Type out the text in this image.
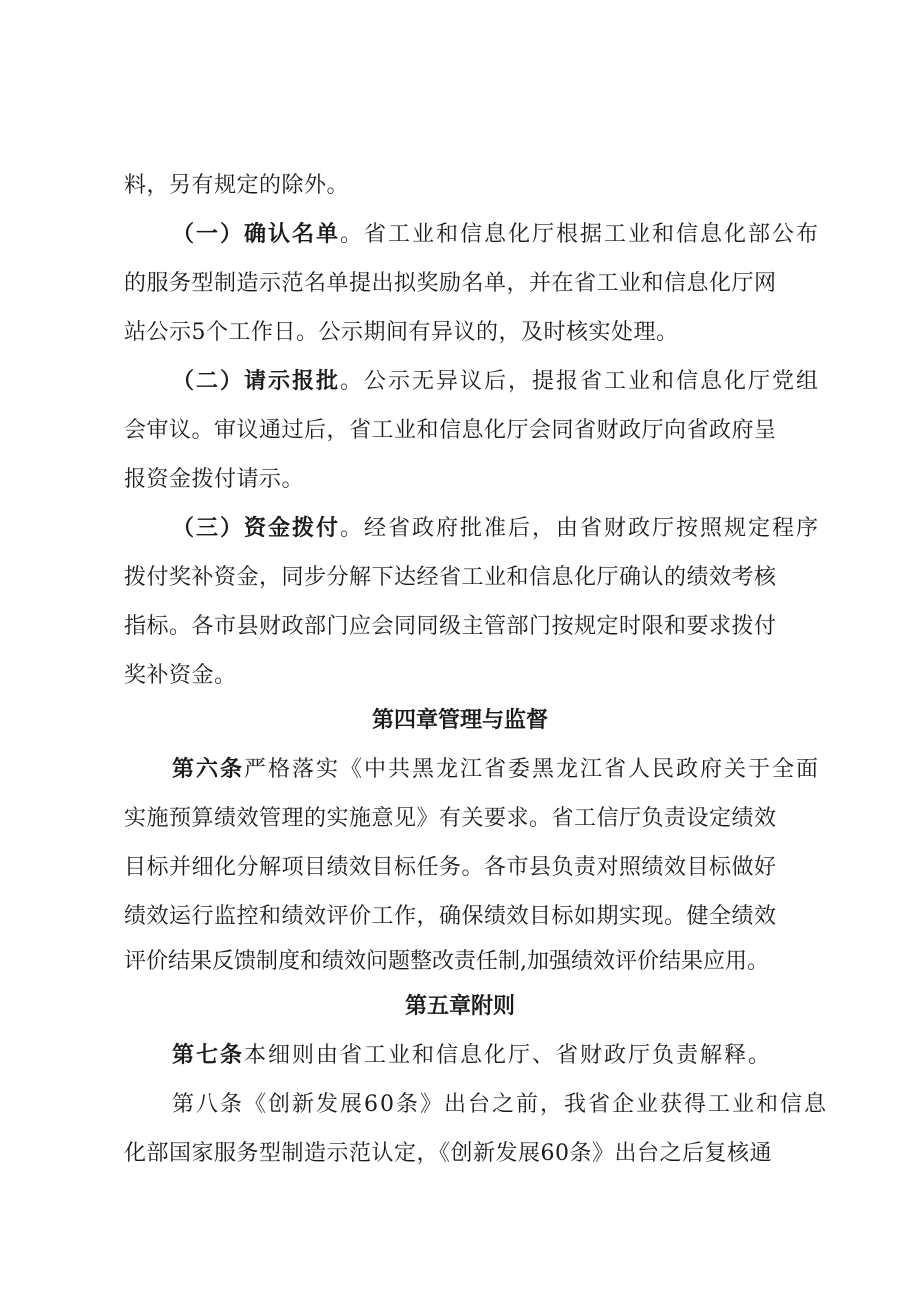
料，另有规定的除外。
（一）确认名单。省工业和信息化厅根据工业和信息化部公布
的服务型制造示范名单提出拟奖励名单，并在省工业和信息化厅网
站公示5个工作日。公示期间有异议的，及时核实处理。
（二）请示报批。公示无异议后，提报省工业和信息化厅党组
会审议。审议通过后，省工业和信息化厅会同省财政厅向省政府呈
报资金拨付请示。
（三）资金拨付。经省政府批准后，由省财政厅按照规定程序
拨付奖补资金，同步分解下达经省工业和信息化厅确认的绩效考核
指标。各市县财政部门应会同同级主管部门按规定时限和要求拨付
奖补资金。
第四章管理与监督
第六条严格落实《中共黑龙江省委黑龙江省人民政府关于全面
实施预算绩效管理的实施意见》有关要求。省工信厅负责设定绩效
目标并细化分解项目绩效目标任务。各市县负责对照绩效目标做好
绩效运行监控和绩效评价工作，确保绩效目标如期实现。健全绩效
评价结果反馈制度和绩效问题整改责任制,加强绩效评价结果应用。
第五章附则
第七条本细则由省工业和信息化厅、省财政厅负责解释。
第八条《创新发展60条》出台之前，我省企业获得工业和信息
化部国家服务型制造示范认定，《创新发展60条》出台之后复核通
